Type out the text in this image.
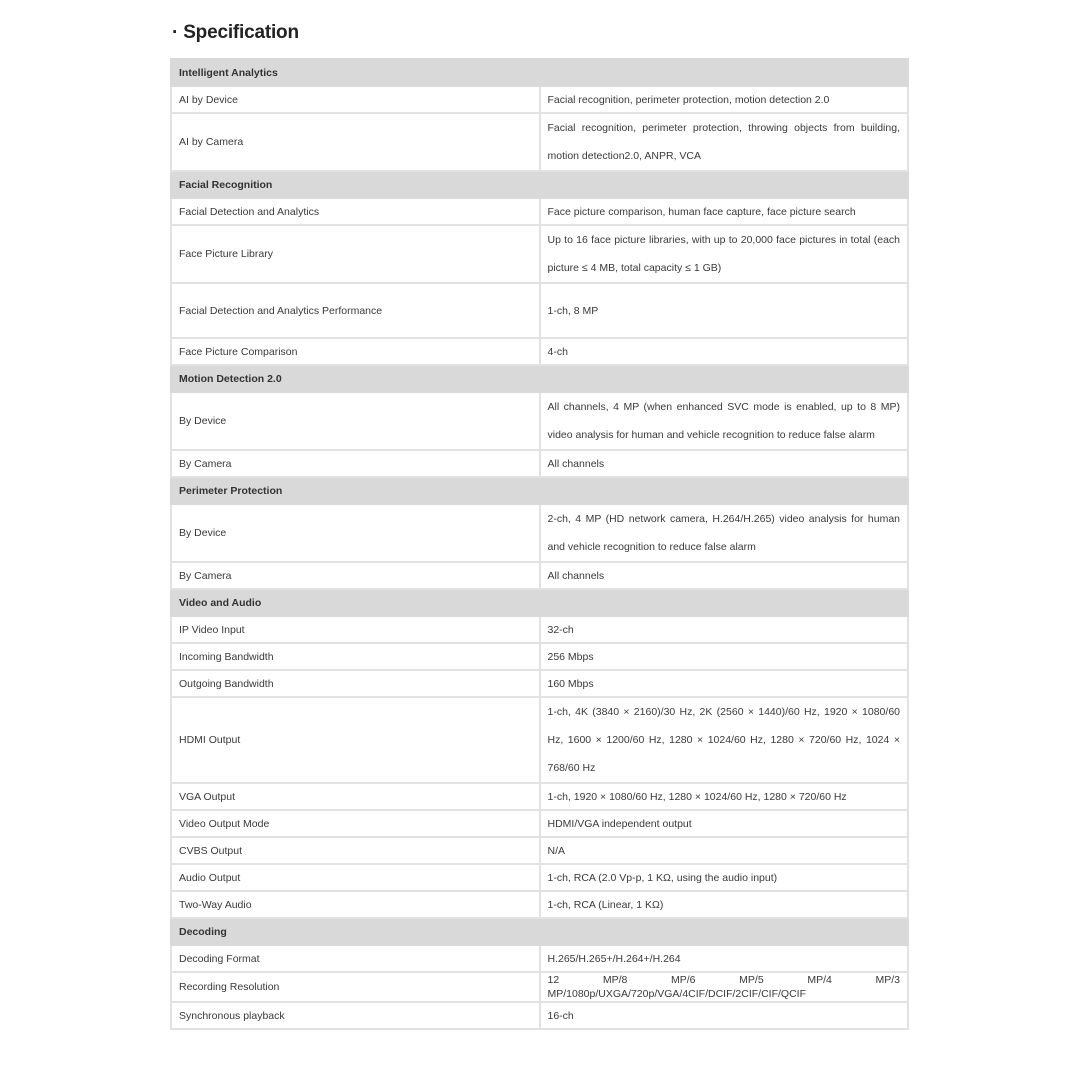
· Specification
Intelligent Analytics	
AI by Device	Facial recognition, perimeter protection, motion detection 2.0
AI by Camera	Facial recognition, perimeter protection, throwing objects from building, motion detection2.0, ANPR, VCA
Facial Recognition	
Facial Detection and Analytics	Face picture comparison, human face capture, face picture search
Face Picture Library	Up to 16 face picture libraries, with up to 20,000 face pictures in total (each picture ≤ 4 MB, total capacity ≤ 1 GB)
Facial Detection and Analytics Performance	1-ch, 8 MP
Face Picture Comparison	4-ch
Motion Detection 2.0	
By Device	All channels, 4 MP (when enhanced SVC mode is enabled, up to 8 MP) video analysis for human and vehicle recognition to reduce false alarm
By Camera	All channels
Perimeter Protection	
By Device	2-ch, 4 MP (HD network camera, H.264/H.265) video analysis for human and vehicle recognition to reduce false alarm
By Camera	All channels
Video and Audio	
IP Video Input	32-ch
Incoming Bandwidth	256 Mbps
Outgoing Bandwidth	160 Mbps
HDMI Output	1-ch, 4K (3840 × 2160)/30 Hz, 2K (2560 × 1440)/60 Hz, 1920 × 1080/60 Hz, 1600 × 1200/60 Hz, 1280 × 1024/60 Hz, 1280 × 720/60 Hz, 1024 × 768/60 Hz
VGA Output	1-ch, 1920 × 1080/60 Hz, 1280 × 1024/60 Hz, 1280 × 720/60 Hz
Video Output Mode	HDMI/VGA independent output
CVBS Output	N/A
Audio Output	1-ch, RCA (2.0 Vp-p, 1 KΩ, using the audio input)
Two-Way Audio	1-ch, RCA (Linear, 1 KΩ)
Decoding	
Decoding Format	H.265/H.265+/H.264+/H.264
Recording Resolution	12 MP/8 MP/6 MP/5 MP/4 MP/3 MP/1080p/UXGA/720p/VGA/4CIF/DCIF/2CIF/CIF/QCIF
Synchronous playback	16-ch
